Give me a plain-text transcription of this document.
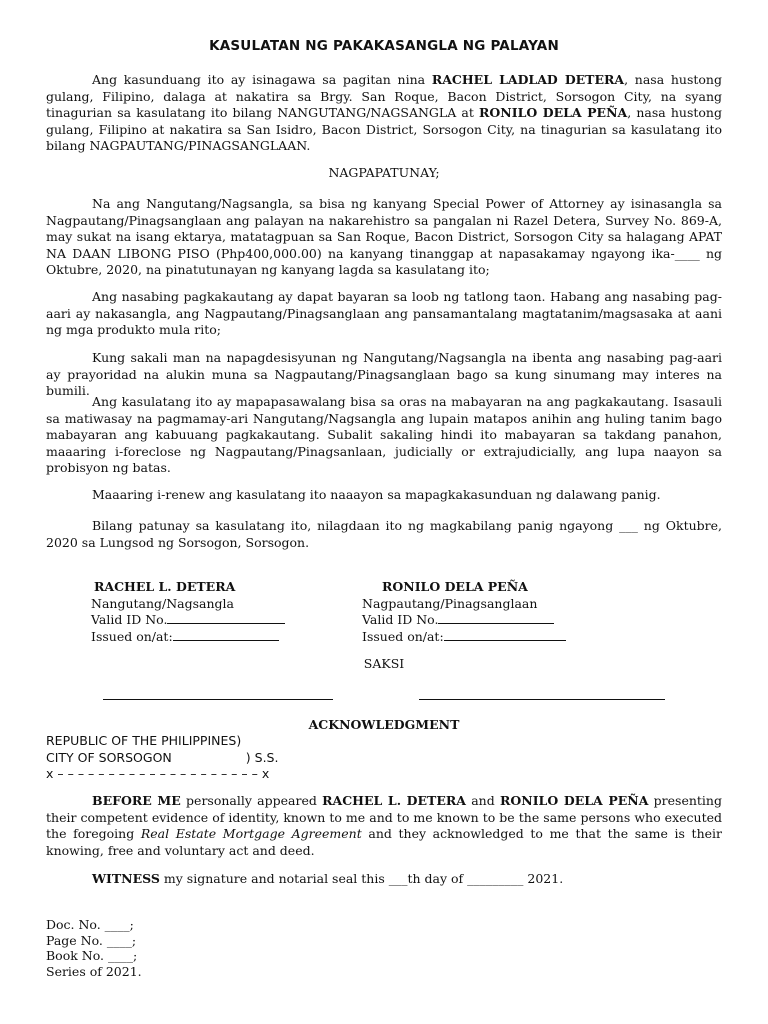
KASULATAN NG PAKAKASANGLA NG PALAYAN

Ang kasunduang ito ay isinagawa sa pagitan nina RACHEL LADLAD DETERA, nasa hustong gulang, Filipino, dalaga at nakatira sa Brgy. San Roque, Bacon District, Sorsogon City, na syang tinagurian sa kasulatang ito bilang NANGUTANG/NAGSANGLA at RONILO DELA PEÑA, nasa hustong gulang, Filipino at nakatira sa San Isidro, Bacon District, Sorsogon City, na tinagurian sa kasulatang ito bilang NAGPAUTANG/PINAGSANGLAAN.

NAGPAPATUNAY;

Na ang Nangutang/Nagsangla, sa bisa ng kanyang Special Power of Attorney ay isinasangla sa Nagpautang/Pinagsanglaan ang palayan na nakarehistro sa pangalan ni Razel Detera, Survey No. 869-A, may sukat na isang ektarya, matatagpuan sa San Roque, Bacon District, Sorsogon City sa halagang APAT NA DAAN LIBONG PISO (Php400,000.00) na kanyang tinanggap at napasakamay ngayong ika-____ ng Oktubre, 2020, na pinatutunayan ng kanyang lagda sa kasulatang ito;

Ang nasabing pagkakautang ay dapat bayaran sa loob ng tatlong taon. Habang ang nasabing pag-aari ay nakasangla, ang Nagpautang/Pinagsanglaan ang pansamantalang magtatanim/magsasaka at aani ng mga produkto mula rito;

Kung sakali man na napagdesisyunan ng Nangutang/Nagsangla na ibenta ang nasabing pag-aari ay prayoridad na alukin muna sa Nagpautang/Pinagsanglaan bago sa kung sinumang may interes na bumili.

Ang kasulatang ito ay mapapasawalang bisa sa oras na mabayaran na ang pagkakautang. Isasauli sa matiwasay na pagmamay-ari Nangutang/Nagsangla ang lupain matapos anihin ang huling tanim bago mabayaran ang kabuuang pagkakautang. Subalit sakaling hindi ito mabayaran sa takdang panahon, maaaring i-foreclose ng Nagpautang/Pinagsanlaan, judicially or extrajudicially, ang lupa naayon sa probisyon ng batas.

Maaaring i-renew ang kasulatang ito naaayon sa mapagkakasunduan ng dalawang panig.

Bilang patunay sa kasulatang ito, nilagdaan ito ng magkabilang panig ngayong ___ ng Oktubre, 2020 sa Lungsod ng Sorsogon, Sorsogon.

RACHEL L. DETERA
Nangutang/Nagsangla
Valid ID No.
Issued on/at:
RONILO DELA PEÑA
Nagpautang/Pinagsanglaan
Valid ID No.
Issued on/at:
SAKSI
ACKNOWLEDGMENT
REPUBLIC OF THE PHILIPPINES)
CITY OF SORSOGON	) S.S.
x – – – – – – – – – – – – – – – – – – – – x

BEFORE ME personally appeared RACHEL L. DETERA and RONILO DELA PEÑA presenting their competent evidence of identity, known to me and to me known to be the same persons who executed the foregoing Real Estate Mortgage Agreement and they acknowledged to me that the same is their knowing, free and voluntary act and deed.

WITNESS my signature and notarial seal this ___th day of _________ 2021.

Doc. No. ____;
Page No. ____;
Book No. ____;
Series of 2021.
